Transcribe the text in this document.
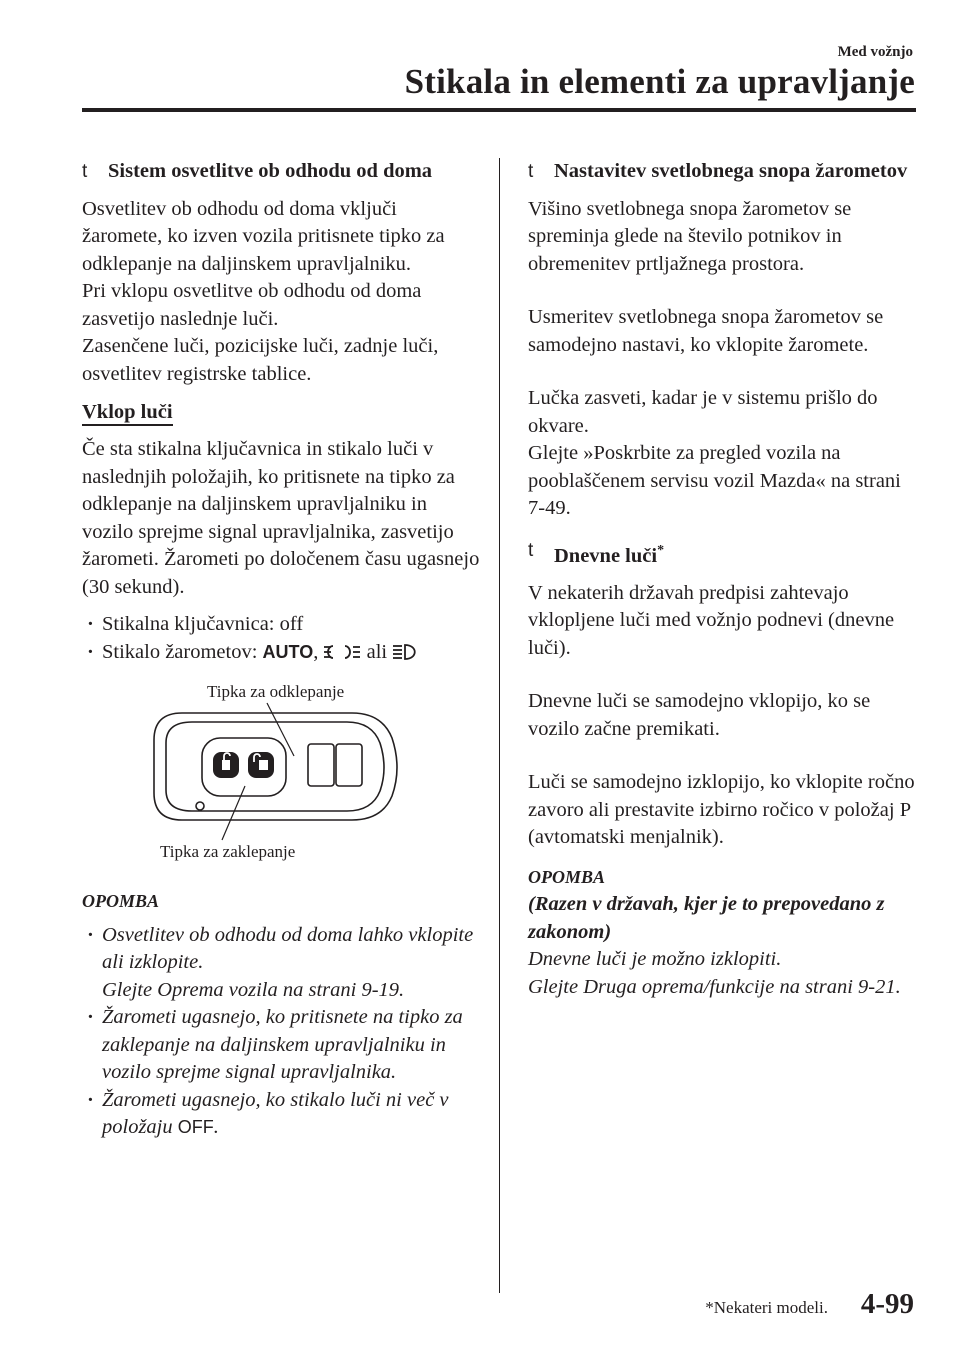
Med vožnjo
Stikala in elementi za upravljanje
t Sistem osvetlitve ob odhodu od doma

Osvetlitev ob odhodu od doma vključi žaromete, ko izven vozila pritisnete tipko za odklepanje na daljinskem upravljalniku.

Pri vklopu osvetlitve ob odhodu od doma zasvetijo naslednje luči.

Zasenčene luči, pozicijske luči, zadnje luči, osvetlitev registrske tablice.

Vklop luči

Če sta stikalna ključavnica in stikalo luči v naslednjih položajih, ko pritisnete na tipko za odklepanje na daljinskem upravljalniku in vozilo sprejme signal upravljalnika, zasvetijo žarometi. Žarometi po določenem času ugasnejo (30 sekund).

· Stikalna ključavnica: off
· Stikalo žarometov: AUTO,  ali
Tipka za odklepanje
Tipka za zaklepanje
OPOMBA
· Osvetlitev ob odhodu od doma lahko vklopite ali izklopite.
Glejte Oprema vozila na strani 9-19.
· Žarometi ugasnejo, ko pritisnete na tipko za zaklepanje na daljinskem upravljalniku in vozilo sprejme signal upravljalnika.
· Žarometi ugasnejo, ko stikalo luči ni več v položaju OFF.
t Nastavitev svetlobnega snopa žarometov

Višino svetlobnega snopa žarometov se spreminja glede na število potnikov in obremenitev prtljažnega prostora.

Usmeritev svetlobnega snopa žarometov se samodejno nastavi, ko vklopite žaromete.

Lučka zasveti, kadar je v sistemu prišlo do okvare.

Glejte »Poskrbite za pregled vozila na pooblaščenem servisu vozil Mazda« na strani 7-49.

t Dnevne luči*

V nekaterih državah predpisi zahtevajo vklopljene luči med vožnjo podnevi (dnevne luči).

Dnevne luči se samodejno vklopijo, ko se vozilo začne premikati.

Luči se samodejno izklopijo, ko vklopite ročno zavoro ali prestavite izbirno ročico v položaj P (avtomatski menjalnik).

OPOMBA
(Razen v državah, kjer je to prepovedano z zakonom)
Dnevne luči je možno izklopiti.
Glejte Druga oprema/funkcije na strani 9-21.
*Nekateri modeli. 4-99
